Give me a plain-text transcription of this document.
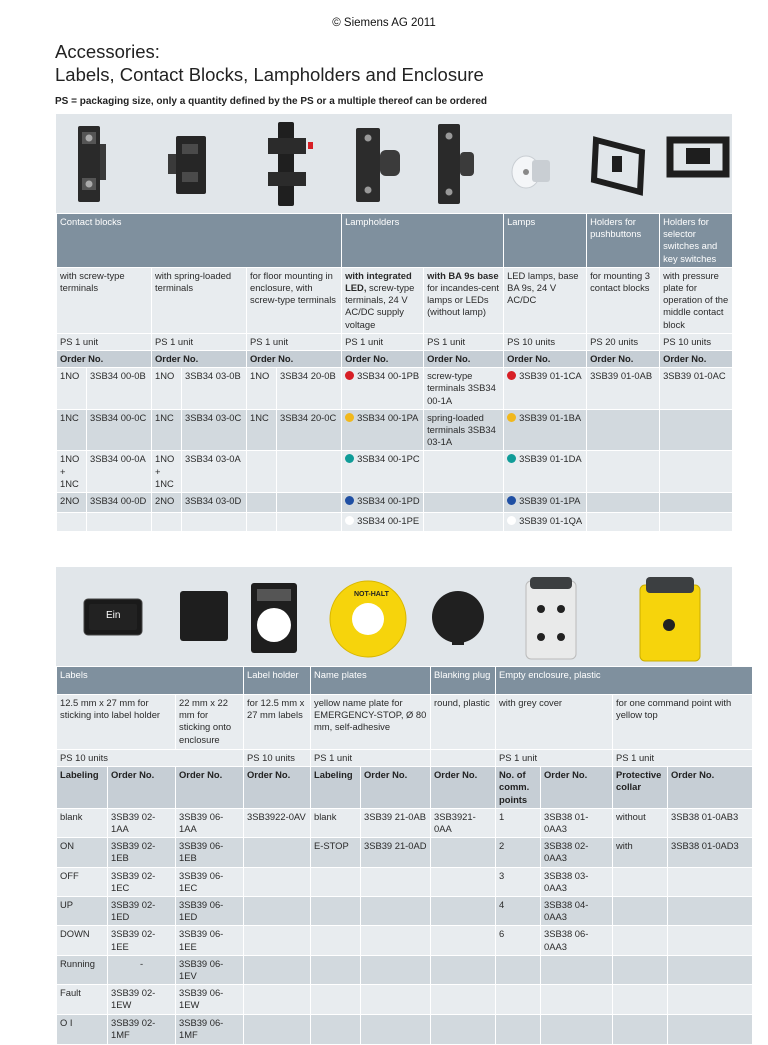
© Siemens AG 2011
Accessories:
Labels, Contact Blocks, Lampholders and Enclosure
PS = packaging size, only a quantity defined by the PS or a multiple thereof can be ordered
Contact blocks						Lampholders		Lamps	Holders for pushbuttons	Holders for selector switches and key switches
with screw-type terminals		with spring-loaded terminals		for floor mounting in enclosure, with screw-type terminals		with integrated LED, screw-type terminals, 24 V AC/DC supply voltage	with BA 9s base for incandes-cent lamps or LEDs (without lamp)	LED lamps, base BA 9s, 24 V AC/DC	for mounting 3 contact blocks	with pressure plate for operation of the middle contact block
PS 1 unit		PS 1 unit		PS 1 unit		PS 1 unit	PS 1 unit	PS 10 units	PS 20 units	PS 10 units
Order No.		Order No.		Order No.		Order No.	Order No.	Order No.	Order No.	Order No.
1NO	3SB34 00-0B	1NO	3SB34 03-0B	1NO	3SB34 20-0B	3SB34 00-1PB	screw-type terminals 3SB34 00-1A	3SB39 01-1CA	3SB39 01-0AB	3SB39 01-0AC
1NC	3SB34 00-0C	1NC	3SB34 03-0C	1NC	3SB34 20-0C	3SB34 00-1PA	spring-loaded terminals 3SB34 03-1A	3SB39 01-1BA		
1NO + 1NC	3SB34 00-0A	1NO + 1NC	3SB34 03-0A			3SB34 00-1PC		3SB39 01-1DA		
2NO	3SB34 00-0D	2NO	3SB34 03-0D			3SB34 00-1PD		3SB39 01-1PA		
						3SB34 00-1PE		3SB39 01-1QA		
Ein
NOT-HALT
Labels			Label holder	Name plates		Blanking plug	Empty enclosure, plastic			
12.5 mm x 27 mm for sticking into label holder		22 mm x 22 mm for sticking onto enclosure	for 12.5 mm x 27 mm labels	yellow name plate for EMERGENCY-STOP, Ø 80 mm, self-adhesive		round, plastic	with grey cover		for one command point with yellow top	
PS 10 units			PS 10 units	PS 1 unit			PS 1 unit		PS 1 unit	
Labeling	Order No.	Order No.	Order No.	Labeling	Order No.	Order No.	No. of comm. points	Order No.	Protective collar	Order No.
blank	3SB39 02-1AA	3SB39 06-1AA	3SB3922-0AV	blank	3SB39 21-0AB	3SB3921-0AA	1	3SB38 01-0AA3	without	3SB38 01-0AB3
ON	3SB39 02-1EB	3SB39 06-1EB		E-STOP	3SB39 21-0AD		2	3SB38 02-0AA3	with	3SB38 01-0AD3
OFF	3SB39 02-1EC	3SB39 06-1EC					3	3SB38 03-0AA3		
UP	3SB39 02-1ED	3SB39 06-1ED					4	3SB38 04-0AA3		
DOWN	3SB39 02-1EE	3SB39 06-1EE					6	3SB38 06-0AA3		
Running	-	3SB39 06-1EV								
Fault	3SB39 02-1EW	3SB39 06-1EW								
O I	3SB39 02-1MF	3SB39 06-1MF								
